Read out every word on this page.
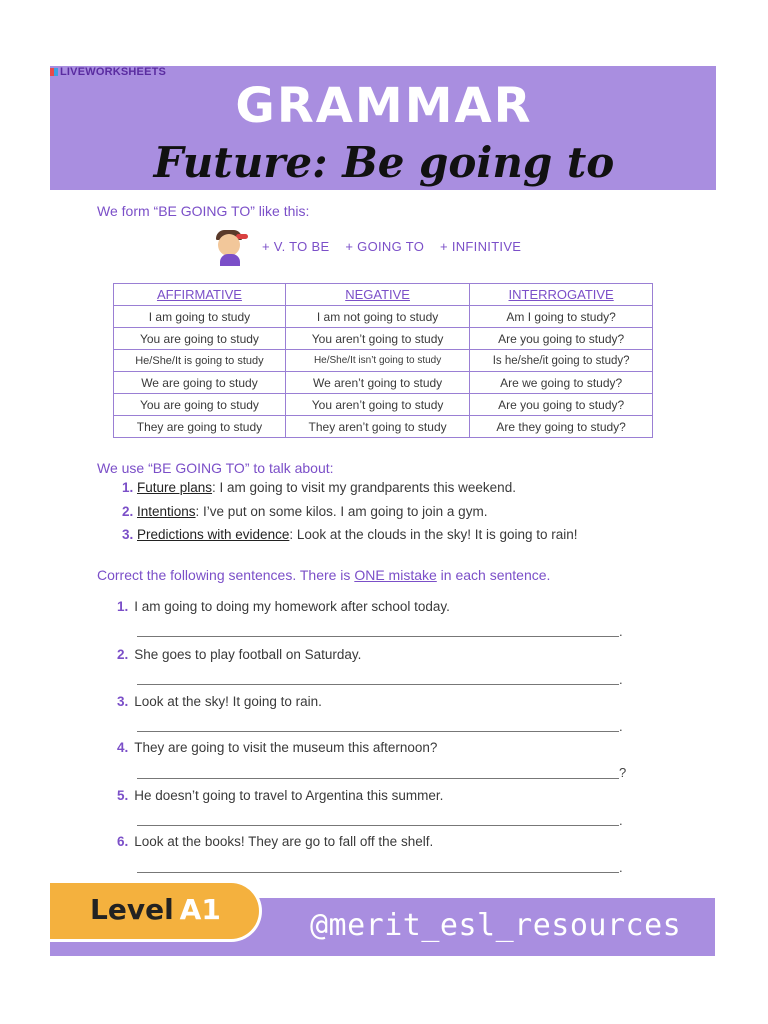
LIVEWORKSHEETS
GRAMMAR
Future: Be going to
We form “BE GOING TO” like this:
+ V. TO BE + GOING TO + INFINITIVE
AFFIRMATIVE	NEGATIVE	INTERROGATIVE
I am going to study	I am not going to study	Am I going to study?
You are going to study	You aren’t going to study	Are you going to study?
He/She/It is going to study	He/She/It isn’t going to study	Is he/she/it going to study?
We are going to study	We aren’t going to study	Are we going to study?
You are going to study	You aren’t going to study	Are you going to study?
They are going to study	They aren’t going to study	Are they going to study?
We use “BE GOING TO” to talk about:
1. Future plans: I am going to visit my grandparents this weekend.
2. Intentions: I’ve put on some kilos. I am going to join a gym.
3. Predictions with evidence: Look at the clouds in the sky! It is going to rain!
Correct the following sentences. There is ONE mistake in each sentence.
1. I am going to doing my homework after school today.
.
2. She goes to play football on Saturday.
.
3. Look at the sky! It going to rain.
.
4. They are going to visit the museum this afternoon?
?
5. He doesn’t going to travel to Argentina this summer.
.
6. Look at the books! They are go to fall off the shelf.
.
Level A1	@merit_esl_resources
